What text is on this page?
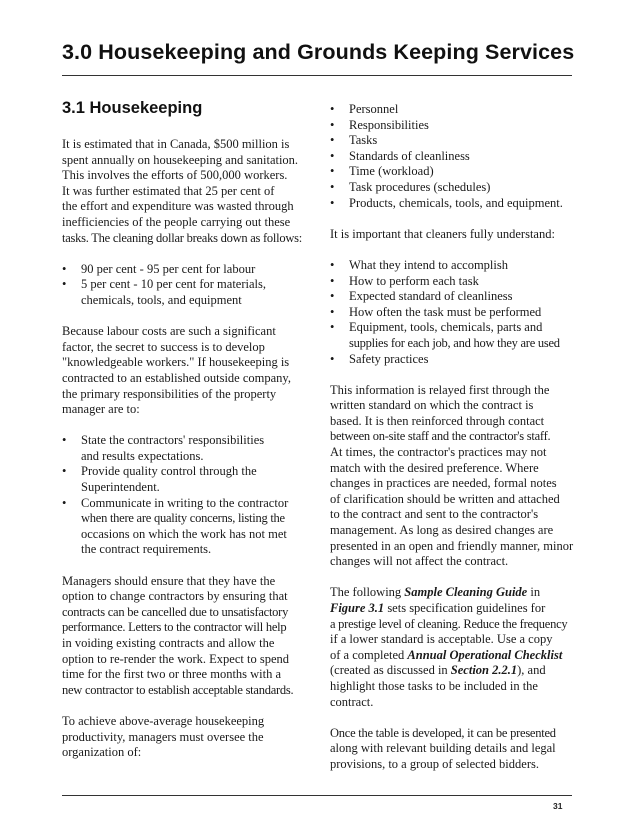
3.0 Housekeeping and Grounds Keeping Services
3.1 Housekeeping

It is estimated that in Canada, $500 million is
spent annually on housekeeping and sanitation.
This involves the efforts of 500,000 workers.
It was further estimated that 25 per cent of
the effort and expenditure was wasted through
inefficiencies of the people carrying out these
tasks. The cleaning dollar breaks down as follows:

• 90 per cent - 95 per cent for labour
• 5 per cent - 10 per cent for materials,
chemicals, tools, and equipment

Because labour costs are such a significant
factor, the secret to success is to develop
"knowledgeable workers." If housekeeping is
contracted to an established outside company,
the primary responsibilities of the property
manager are to:

• State the contractors' responsibilities
and results expectations.
• Provide quality control through the
Superintendent.
• Communicate in writing to the contractor
when there are quality concerns, listing the
occasions on which the work has not met
the contract requirements.

Managers should ensure that they have the
option to change contractors by ensuring that
contracts can be cancelled due to unsatisfactory
performance. Letters to the contractor will help
in voiding existing contracts and allow the
option to re-render the work. Expect to spend
time for the first two or three months with a
new contractor to establish acceptable standards.

To achieve above-average housekeeping
productivity, managers must oversee the
organization of:

• Personnel
• Responsibilities
• Tasks
• Standards of cleanliness
• Time (workload)
• Task procedures (schedules)
• Products, chemicals, tools, and equipment.

It is important that cleaners fully understand:

• What they intend to accomplish
• How to perform each task
• Expected standard of cleanliness
• How often the task must be performed
• Equipment, tools, chemicals, parts and
supplies for each job, and how they are used
• Safety practices

This information is relayed first through the
written standard on which the contract is
based. It is then reinforced through contact
between on-site staff and the contractor's staff.
At times, the contractor's practices may not
match with the desired preference. Where
changes in practices are needed, formal notes
of clarification should be written and attached
to the contract and sent to the contractor's
management. As long as desired changes are
presented in an open and friendly manner, minor
changes will not affect the contract.

The following Sample Cleaning Guide in
Figure 3.1 sets specification guidelines for
a prestige level of cleaning. Reduce the frequency
if a lower standard is acceptable. Use a copy
of a completed Annual Operational Checklist
(created as discussed in Section 2.2.1), and
highlight those tasks to be included in the
contract.

Once the table is developed, it can be presented
along with relevant building details and legal
provisions, to a group of selected bidders.

31
